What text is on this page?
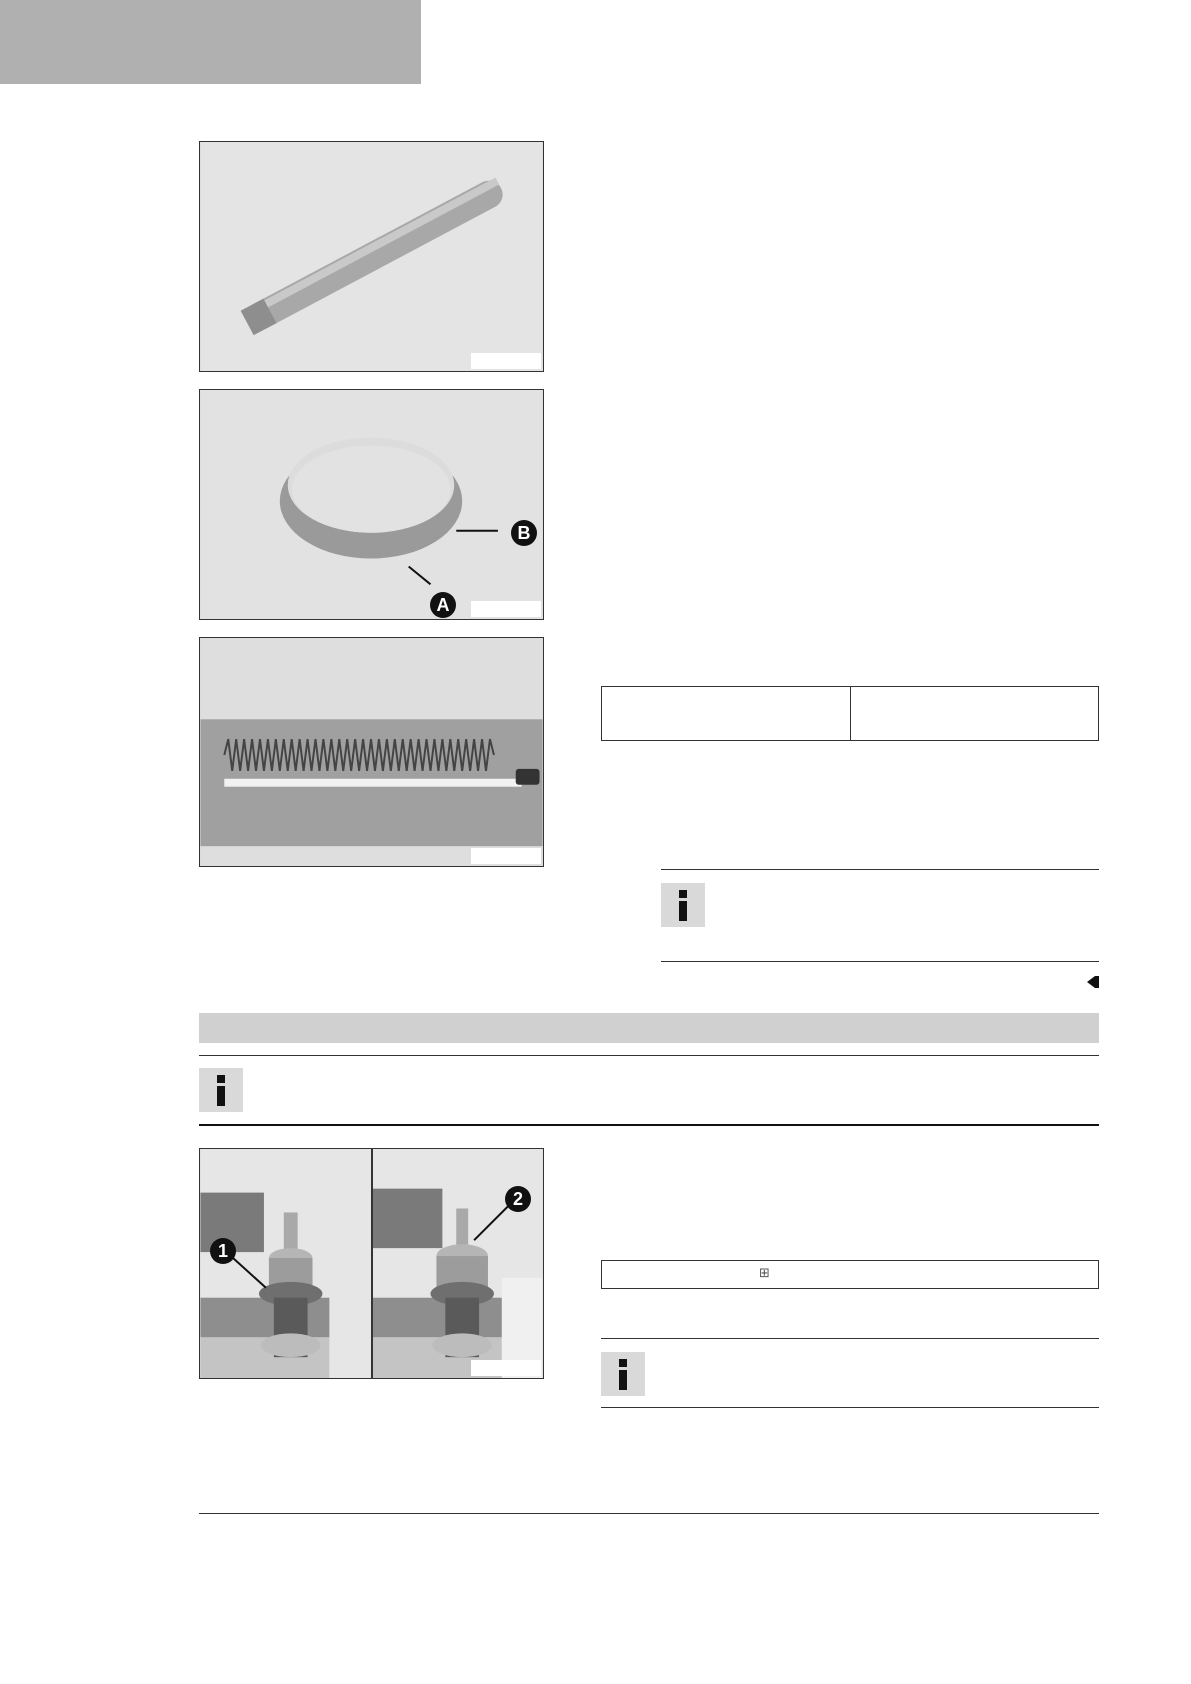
B
A
1
2
⊞
